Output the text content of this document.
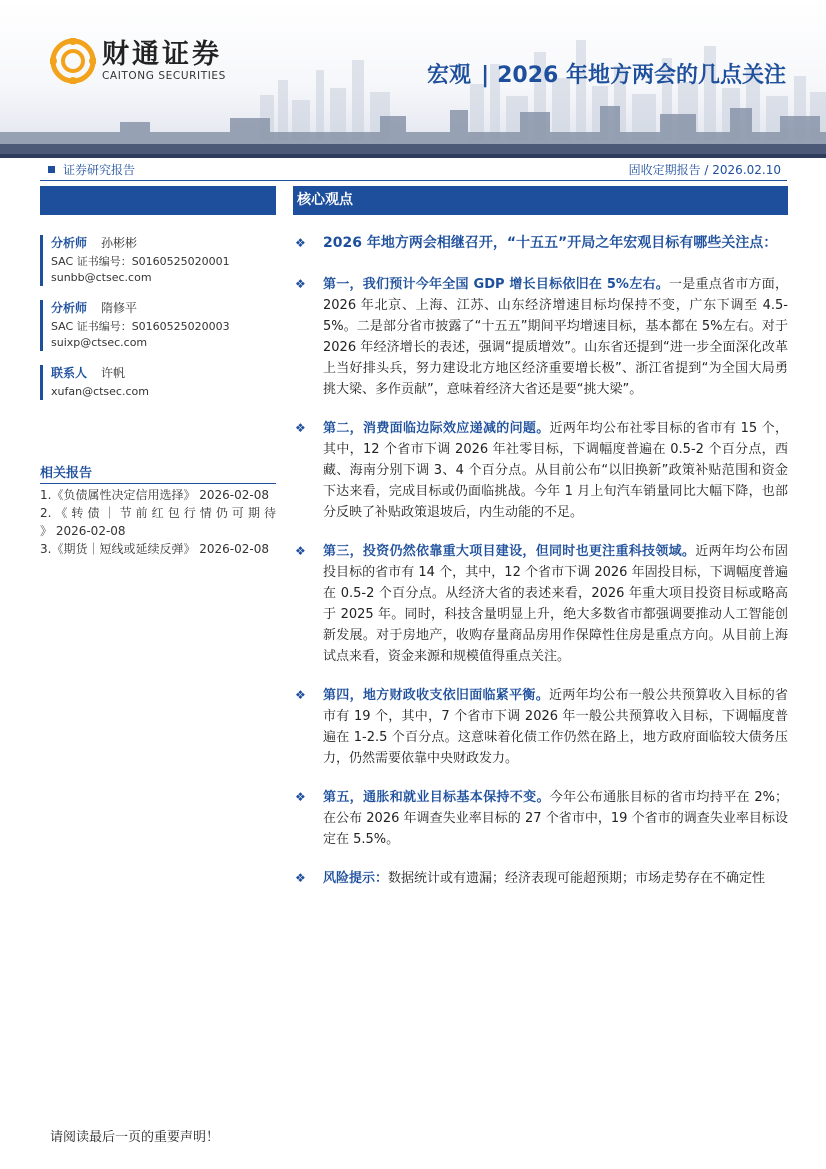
财通证券
CAITONG SECURITIES	宏观 | 2026 年地方两会的几点关注
证券研究报告	固收定期报告 / 2026.02.10
分析师 孙彬彬
SAC 证书编号：S0160525020001
sunbb@ctsec.com
分析师 隋修平
SAC 证书编号：S0160525020003
suixp@ctsec.com
联系人 许帆
xufan@ctsec.com
相关报告
1.《负债属性决定信用选择》 2026-02-08
2. 《 转 债 ｜ 节 前 红 包 行 情 仍 可 期 待 》 2026-02-08
3.《期货｜短线或延续反弹》 2026-02-08
核心观点
❖ 2026 年地方两会相继召开，“十五五”开局之年宏观目标有哪些关注点：
❖ 第一，我们预计今年全国 GDP 增长目标依旧在 5%左右。一是重点省市方面，2026 年北京、上海、江苏、山东经济增速目标均保持不变，广东下调至 4.5-5%。二是部分省市披露了“十五五”期间平均增速目标，基本都在 5%左右。对于 2026 年经济增长的表述，强调“提质增效”。山东省还提到“进一步全面深化改革上当好排头兵，努力建设北方地区经济重要增长极”、浙江省提到“为全国大局勇挑大梁、多作贡献”，意味着经济大省还是要“挑大梁”。
❖ 第二，消费面临边际效应递减的问题。近两年均公布社零目标的省市有 15 个，其中，12 个省市下调 2026 年社零目标，下调幅度普遍在 0.5-2 个百分点，西藏、海南分别下调 3、4 个百分点。从目前公布“以旧换新”政策补贴范围和资金下达来看，完成目标或仍面临挑战。今年 1 月上旬汽车销量同比大幅下降，也部分反映了补贴政策退坡后，内生动能的不足。
❖ 第三，投资仍然依靠重大项目建设，但同时也更注重科技领域。近两年均公布固投目标的省市有 14 个，其中，12 个省市下调 2026 年固投目标，下调幅度普遍在 0.5-2 个百分点。从经济大省的表述来看，2026 年重大项目投资目标或略高于 2025 年。同时，科技含量明显上升，绝大多数省市都强调要推动人工智能创新发展。对于房地产，收购存量商品房用作保障性住房是重点方向。从目前上海试点来看，资金来源和规模值得重点关注。
❖ 第四，地方财政收支依旧面临紧平衡。近两年均公布一般公共预算收入目标的省市有 19 个，其中，7 个省市下调 2026 年一般公共预算收入目标，下调幅度普遍在 1-2.5 个百分点。这意味着化债工作仍然在路上，地方政府面临较大债务压力，仍然需要依靠中央财政发力。
❖ 第五，通胀和就业目标基本保持不变。今年公布通胀目标的省市均持平在 2%；在公布 2026 年调查失业率目标的 27 个省市中，19 个省市的调查失业率目标设定在 5.5%。
❖ 风险提示：数据统计或有遗漏；经济表现可能超预期；市场走势存在不确定性
请阅读最后一页的重要声明！
